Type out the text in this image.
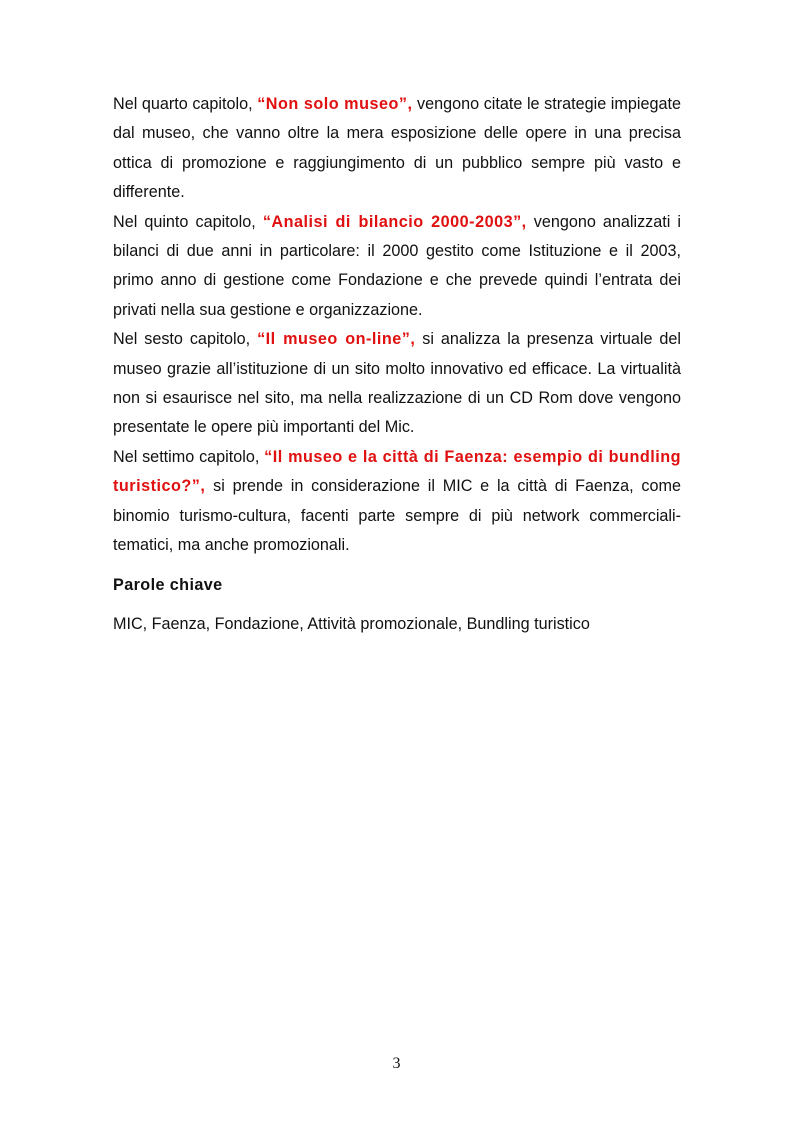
Nel quarto capitolo, “Non solo museo”, vengono citate le strategie impiegate dal museo, che vanno oltre la mera esposizione delle opere in una precisa ottica di promozione e raggiungimento di un pubblico sempre più vasto e differente.

Nel quinto capitolo, “Analisi di bilancio 2000-2003”, vengono analizzati i bilanci di due anni in particolare: il 2000 gestito come Istituzione e il 2003, primo anno di gestione come Fondazione e che prevede quindi l’entrata dei privati nella sua gestione e organizzazione.

Nel sesto capitolo, “Il museo on-line”, si analizza la presenza virtuale del museo grazie all’istituzione di un sito molto innovativo ed efficace. La virtualità non si esaurisce nel sito, ma nella realizzazione di un CD Rom dove vengono presentate le opere più importanti del Mic.

Nel settimo capitolo, “Il museo e la città di Faenza: esempio di bundling turistico?”, si prende in considerazione il MIC e la città di Faenza, come binomio turismo-cultura, facenti parte sempre di più network commerciali-tematici, ma anche promozionali.

Parole chiave

MIC, Faenza, Fondazione, Attività promozionale, Bundling turistico

3
